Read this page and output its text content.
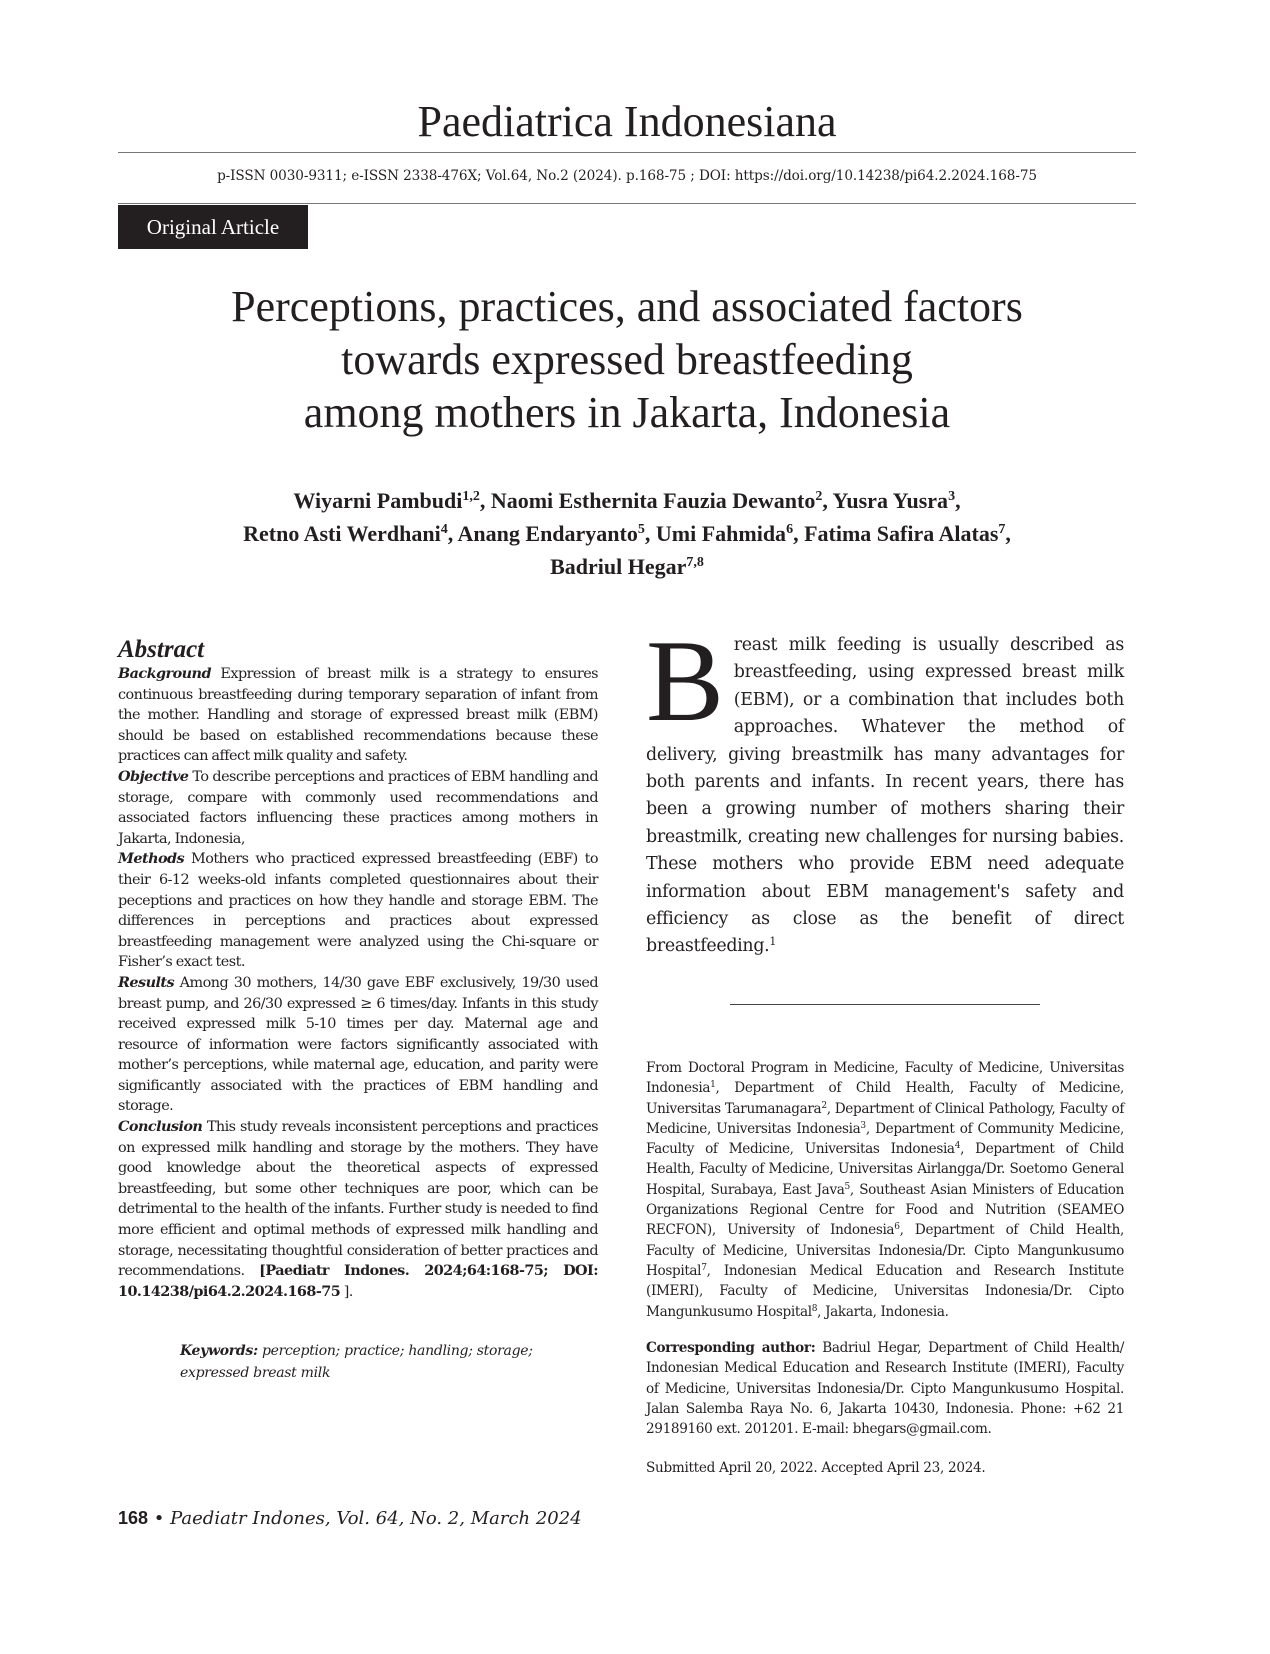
Paediatrica Indonesiana
p-ISSN 0030-9311; e-ISSN 2338-476X; Vol.64, No.2 (2024). p.168-75 ; DOI: https://doi.org/10.14238/pi64.2.2024.168-75
Original Article
Perceptions, practices, and associated factors
towards expressed breastfeeding
among mothers in Jakarta, Indonesia
Wiyarni Pambudi$^{1,2}$, Naomi Esthernita Fauzia Dewanto$^2$, Yusra Yusra$^3$,
Retno Asti Werdhani$^4$, Anang Endaryanto$^5$, Umi Fahmida$^6$, Fatima Safira Alatas$^7$,
Badriul Hegar$^{7,8}$
Abstract

Background Expression of breast milk is a strategy to ensures continuous breastfeeding during temporary separation of infant from the mother. Handling and storage of expressed breast milk (EBM) should be based on established recommendations because these practices can affect milk quality and safety.

Objective To describe perceptions and practices of EBM handling and storage, compare with commonly used recommendations and associated factors influencing these practices among mothers in Jakarta, Indonesia,

Methods Mothers who practiced expressed breastfeeding (EBF) to their 6-12 weeks-old infants completed questionnaires about their peceptions and practices on how they handle and storage EBM. The differences in perceptions and practices about expressed breastfeeding management were analyzed using the Chi-square or Fisher’s exact test.

Results Among 30 mothers, 14/30 gave EBF exclusively, 19/30 used breast pump, and 26/30 expressed ≥ 6 times/day. Infants in this study received expressed milk 5-10 times per day. Maternal age and resource of information were factors significantly associated with mother’s perceptions, while maternal age, education, and parity were significantly associated with the practices of EBM handling and storage.

Conclusion This study reveals inconsistent perceptions and practices on expressed milk handling and storage by the mothers. They have good knowledge about the theoretical aspects of expressed breastfeeding, but some other techniques are poor, which can be detrimental to the health of the infants. Further study is needed to find more efficient and optimal methods of expressed milk handling and storage, necessitating thoughtful consideration of better practices and recommendations. [Paediatr Indones. 2024;64:168-75; DOI: 10.14238/pi64.2.2024.168-75 ].

Keywords: perception; practice; handling; storage; expressed breast milk

Breast milk feeding is usually described as breastfeeding, using expressed breast milk (EBM), or a combination that includes both approaches. Whatever the method of delivery, giving breastmilk has many advantages for both parents and infants. In recent years, there has been a growing number of mothers sharing their breastmilk, creating new challenges for nursing babies. These mothers who provide EBM need adequate information about EBM management's safety and efficiency as close as the benefit of direct breastfeeding.$^1$

From Doctoral Program in Medicine, Faculty of Medicine, Universitas Indonesia$^1$, Department of Child Health, Faculty of Medicine, Universitas Tarumanagara$^2$, Department of Clinical Pathology, Faculty of Medicine, Universitas Indonesia$^3$, Department of Community Medicine, Faculty of Medicine, Universitas Indonesia$^4$, Department of Child Health, Faculty of Medicine, Universitas Airlangga/Dr. Soetomo General Hospital, Surabaya, East Java$^5$, Southeast Asian Ministers of Education Organizations Regional Centre for Food and Nutrition (SEAMEO RECFON), University of Indonesia$^6$, Department of Child Health, Faculty of Medicine, Universitas Indonesia/Dr. Cipto Mangunkusumo Hospital$^7$, Indonesian Medical Education and Research Institute (IMERI), Faculty of Medicine, Universitas Indonesia/Dr. Cipto Mangunkusumo Hospital$^8$, Jakarta, Indonesia.

Corresponding author: Badriul Hegar, Department of Child Health/ Indonesian Medical Education and Research Institute (IMERI), Faculty of Medicine, Universitas Indonesia/Dr. Cipto Mangunkusumo Hospital. Jalan Salemba Raya No. 6, Jakarta 10430, Indonesia. Phone: +62 21 29189160 ext. 201201. E-mail: bhegars@gmail.com.

Submitted April 20, 2022. Accepted April 23, 2024.

168 • Paediatr Indones, Vol. 64, No. 2, March 2024
